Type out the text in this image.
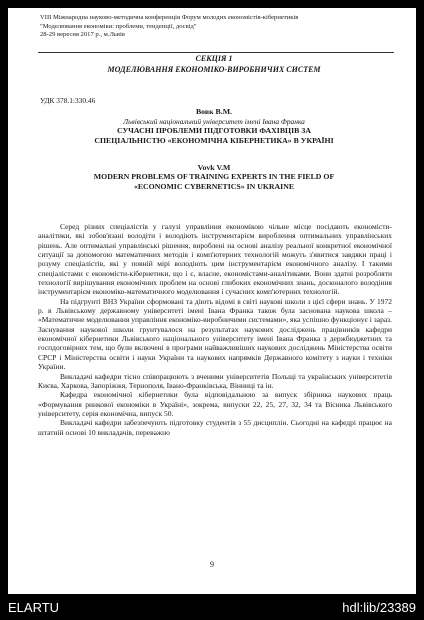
VIII Міжнародна науково-методична конференція Форум молодих економістів-кібернетиків
"Моделювання економіки: проблеми, тенденції, досвід"
28-29 вересня 2017 р., м.Львів
СЕКЦІЯ 1
МОДЕЛЮВАННЯ ЕКОНОМІКО-ВИРОБНИЧИХ СИСТЕМ
УДК 378.1:330.46
Вовк В.М.
Львівський національний університет імені Івана Франка
СУЧАСНІ ПРОБЛЕМИ ПІДГОТОВКИ ФАХІВЦІВ ЗА
СПЕЦІАЛЬНІСТЮ «ЕКОНОМІЧНА КІБЕРНЕТИКА» В УКРАЇНІ
Vovk V.M
MODERN PROBLEMS OF TRAINING EXPERTS IN THE FIELD OF
«ECONOMIC CYBERNETICS» IN UKRAINE

Серед різних спеціалістів у галузі управління економікою чільне місце посідають економісти-аналітики, які зобов'язані володіти і володіють інструментарієм вироблення оптимальних управлінських рішень. Але оптимальні управлінські рішення, вироблені на основі аналізу реальної конкретної економічної ситуації за допомогою математичних методів і комп'ютерних технологій можуть з'явитися завдяки праці і розуму спеціалістів, які у повній мірі володіють цим інструментарієм економічного аналізу. І такими спеціалістами є економісти-кібернетики, що і є, власне, економістами-аналітиками. Вони здатні розробляти технології вирішування економічних проблем на основі глибоких економічних знань, досконалого володіння інструментарієм економіко-математичного моделювання і сучасних комп'ютерних технологій.

На підгрунті ВНЗ України сформовані та діють відомі в світі наукові школи з цієї сфери знань. У 1972 р. в Львівському державному університеті імені Івана Франка також була заснована наукова школа – «Математичне моделювання управління економіко-виробничими системами», яка успішно функціонує і зараз. Заснування наукової школи грунтувалося на результатах наукових досліджень працівників кафедри економічної кібернетики Львівського національного університету імені Івана Франка з держбюджетних та госпдоговірних тем, що були включені в програми найважливіших наукових досліджень Міністерства освіти СРСР і Міністерства освіти і науки України та наукових напрямків Державного комітету з науки і техніки України.

Викладачі кафедри тісно співпрацюють з вченими університетів Польщі та українських університетів Києва, Харкова, Запоріжжя, Тернополя, Івано-Франківська, Вінниці та ін.

Кафедра економічної кібернетики була відповідальною за випуск збірника наукових праць «Формування ринкової економіки в Україні», зокрема, випуски 22, 25, 27, 32, 34 та Вісника Львівського університету, серія економічна, випуск 50.

Викладачі кафедри забезпечують підготовку студентів з 55 дисциплін. Сьогодні на кафедрі працює на штатній основі 10 викладачів, переважно

9
ELARTU	hdl:lib/23389
